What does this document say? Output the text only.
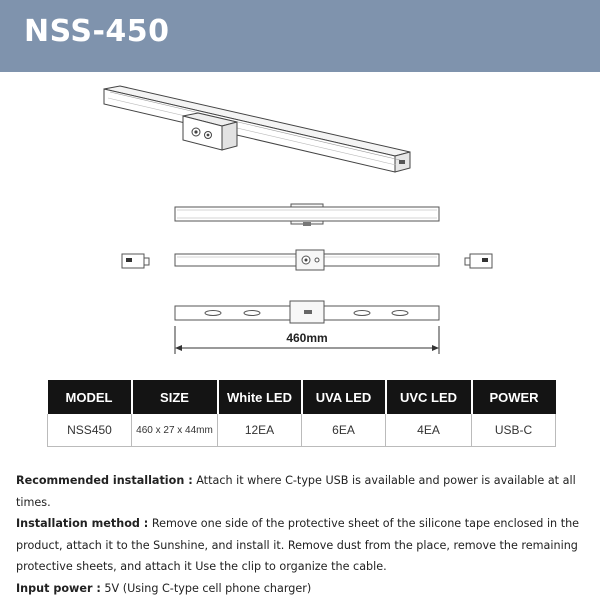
NSS-450
460mm
MODEL	SIZE	White LED	UVA LED	UVC LED	POWER
NSS450	460 x 27 x 44mm	12EA	6EA	4EA	USB-C

Recommended installation : Attach it where C-type USB is available and power is available at all times.

Installation method : Remove one side of the protective sheet of the silicone tape enclosed in the product, attach it to the Sunshine, and install it. Remove dust from the place, remove the remaining protective sheets, and attach it Use the clip to organize the cable.

Input power : 5V (Using C-type cell phone charger)
